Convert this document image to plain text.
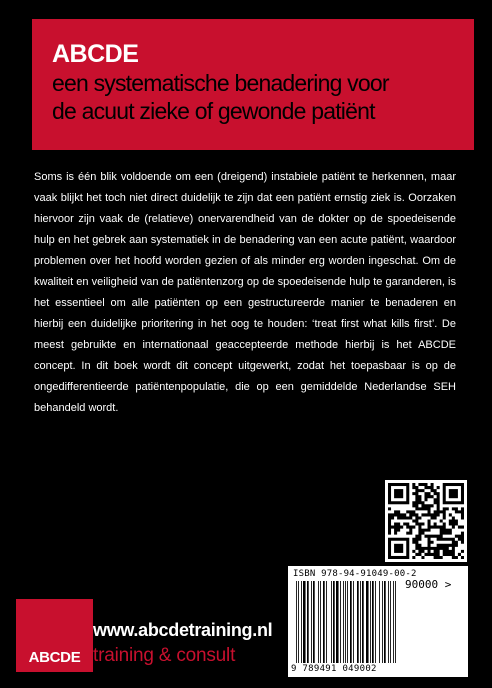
ABCDE
een systematische benadering voor
de acuut zieke of gewonde patiënt

Soms is één blik voldoende om een (dreigend) instabiele patiënt te herkennen, maar vaak blijkt het toch niet direct duidelijk te zijn dat een patiënt ernstig ziek is. Oorzaken hiervoor zijn vaak de (relatieve) onervarendheid van de dokter op de spoedeisende hulp en het gebrek aan systematiek in de benadering van een acute patiënt, waardoor problemen over het hoofd worden gezien of als minder erg worden ingeschat. Om de kwaliteit en veiligheid van de patiëntenzorg op de spoedeisende hulp te garanderen, is het essentieel om alle patiënten op een gestructureerde manier te benaderen en hierbij een duidelijke prioritering in het oog te houden: ‘treat first what kills first’. De meest gebruikte en internationaal geaccepteerde methode hierbij is het ABCDE concept. In dit boek wordt dit concept uitgewerkt, zodat het toepasbaar is op de ongedifferentieerde patiëntenpopulatie, die op een gemiddelde Nederlandse SEH behandeld wordt.

ISBN 978-94-91049-00-2
90000 >
9 789491 049002
ABCDE
www.abcdetraining.nl
training & consult
